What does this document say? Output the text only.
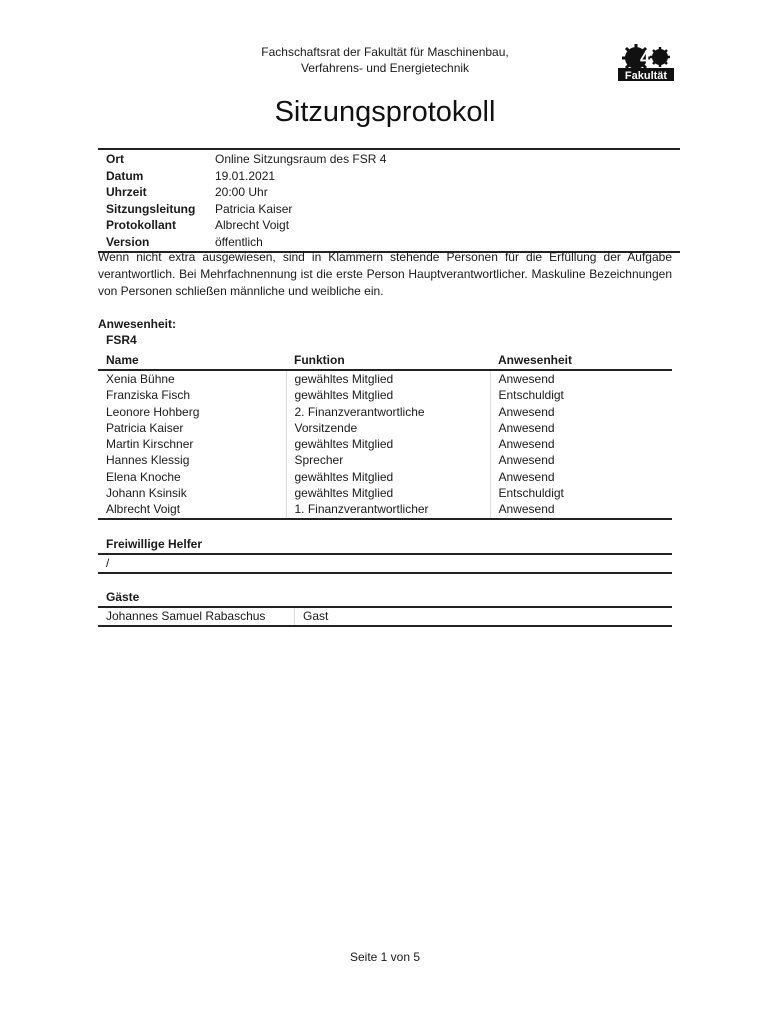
Fachschaftsrat der Fakultät für Maschinenbau,
Verfahrens- und Energietechnik	4
Fakultät
Sitzungsprotokoll
Ort	Online Sitzungsraum des FSR 4
Datum	19.01.2021
Uhrzeit	20:00 Uhr
Sitzungsleitung	Patricia Kaiser
Protokollant	Albrecht Voigt
Version	öffentlich
Wenn nicht extra ausgewiesen, sind in Klammern stehende Personen für die Erfüllung der Aufgabe verantwortlich. Bei Mehrfachnennung ist die erste Person Hauptverantwortlicher. Maskuline Bezeichnungen von Personen schließen männliche und weibliche ein.
Anwesenheit:
FSR4
Name	Funktion	Anwesenheit
Xenia Bühne	gewähltes Mitglied	Anwesend
Franziska Fisch	gewähltes Mitglied	Entschuldigt
Leonore Hohberg	2. Finanzverantwortliche	Anwesend
Patricia Kaiser	Vorsitzende	Anwesend
Martin Kirschner	gewähltes Mitglied	Anwesend
Hannes Klessig	Sprecher	Anwesend
Elena Knoche	gewähltes Mitglied	Anwesend
Johann Ksinsik	gewähltes Mitglied	Entschuldigt
Albrecht Voigt	1. Finanzverantwortlicher	Anwesend
Freiwillige Helfer
/
Gäste
Johannes Samuel Rabaschus	Gast
Seite 1 von 5
